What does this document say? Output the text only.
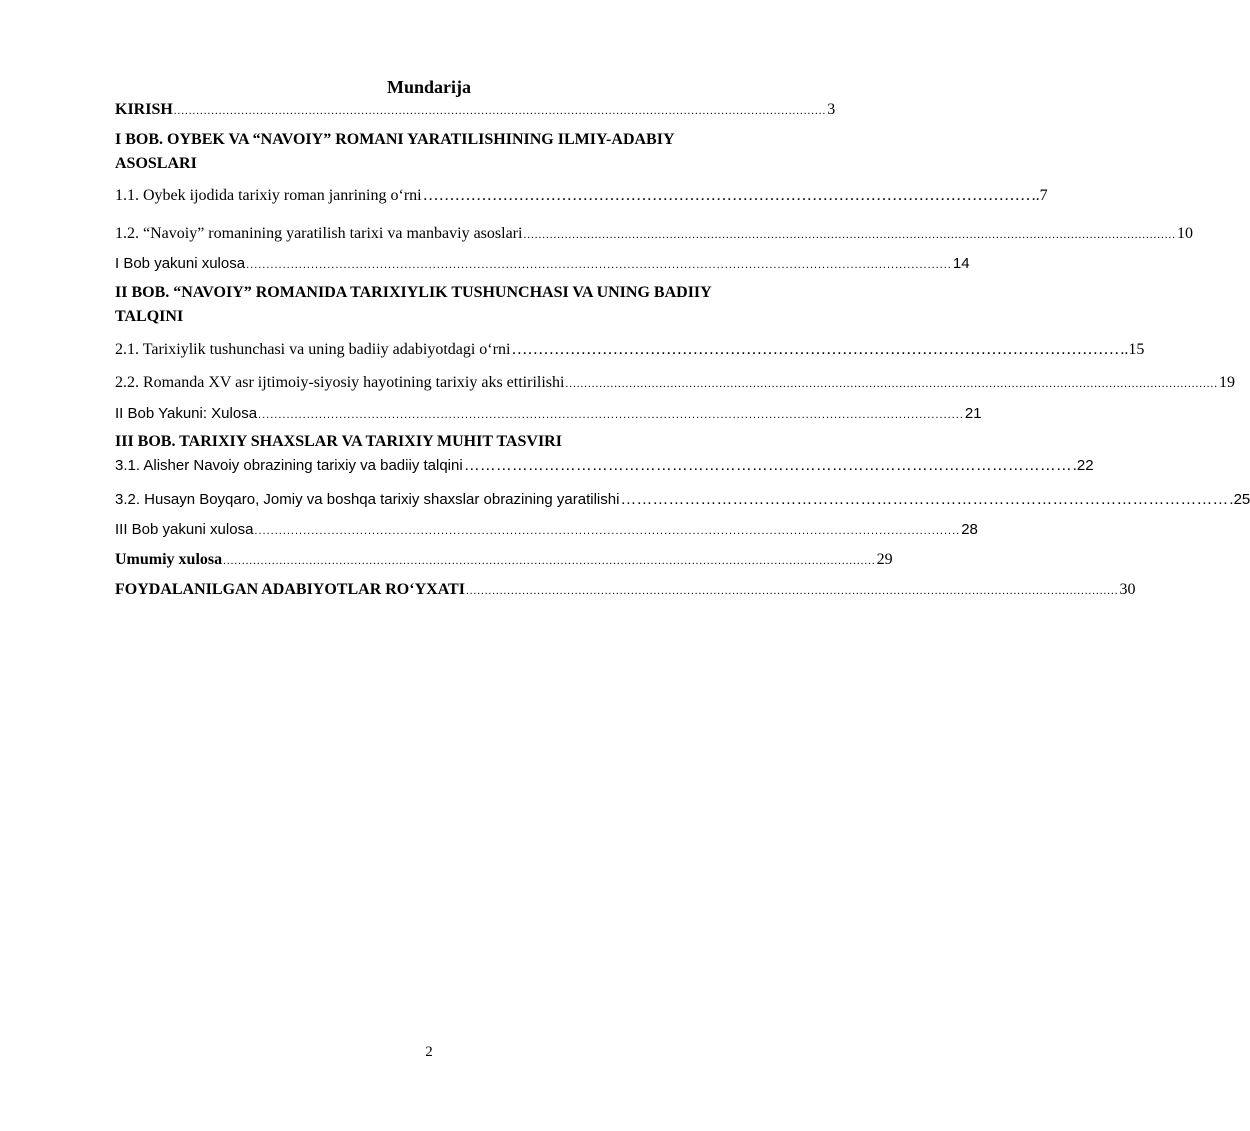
Mundarija
KIRISH .............................................................................................................................................................................. 3
I BOB. OYBEK VA “NAVOIY” ROMANI YARATILISHINING ILMIY-ADABIY ASOSLARI
1.1. Oybek ijodida tarixiy roman janrining o‘rni …………………………………………………………………………………………………… ..7
1.2. “Navoiy” romanining yaratilish tarixi va manbaviy asoslari .............................................................................................................................................................................. 10
I Bob yakuni xulosa .............................................................................................................................................................................. 14
II BOB. “NAVOIY” ROMANIDA TARIXIYLIK TUSHUNCHASI VA UNING BADIIY TALQINI
2.1. Tarixiylik tushunchasi va uning badiiy adabiyotdagi o‘rni …………………………………………………………………………………………………… ..15
2.2. Romanda XV asr ijtimoiy-siyosiy hayotining tarixiy aks ettirilishi .............................................................................................................................................................................. 19
II Bob Yakuni: Xulosa .............................................................................................................................................................................. 21
III BOB. TARIXIY SHAXSLAR VA TARIXIY MUHIT TASVIRI
3.1. Alisher Navoiy obrazining tarixiy va badiiy talqini …………………………………………………………………………………………………… .22
3.2. Husayn Boyqaro, Jomiy va boshqa tarixiy shaxslar obrazining yaratilishi …………………………………………………………………………………………………… .25
III Bob yakuni xulosa .............................................................................................................................................................................. 28
Umumiy xulosa .............................................................................................................................................................................. 29
FOYDALANILGAN ADABIYOTLAR RO‘YXATI .............................................................................................................................................................................. 30
2
